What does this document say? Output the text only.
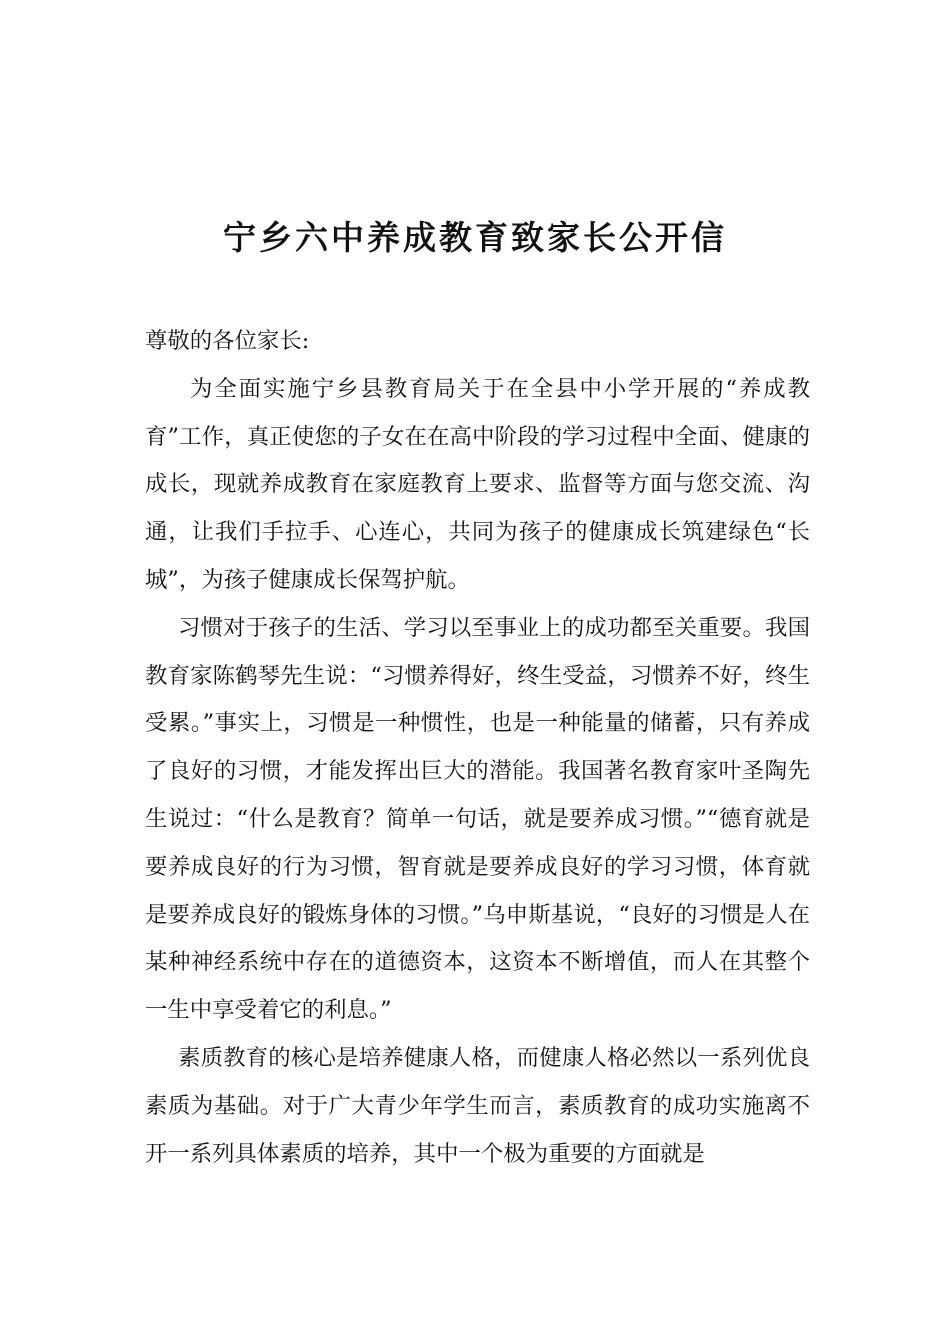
宁乡六中养成教育致家长公开信

尊敬的各位家长:

为全面实施宁乡县教育局关于在全县中小学开展的“养成教育”工作，真正使您的子女在在高中阶段的学习过程中全面、健康的成长，现就养成教育在家庭教育上要求、监督等方面与您交流、沟通，让我们手拉手、心连心，共同为孩子的健康成长筑建绿色“长城”，为孩子健康成长保驾护航。

习惯对于孩子的生活、学习以至事业上的成功都至关重要。我国教育家陈鹤琴先生说：“习惯养得好，终生受益，习惯养不好，终生受累。”事实上，习惯是一种惯性，也是一种能量的储蓄，只有养成了良好的习惯，才能发挥出巨大的潜能。我国著名教育家叶圣陶先生说过：“什么是教育？简单一句话，就是要养成习惯。”“德育就是要养成良好的行为习惯，智育就是要养成良好的学习习惯，体育就是要养成良好的锻炼身体的习惯。”乌申斯基说，“良好的习惯是人在某种神经系统中存在的道德资本，这资本不断增值，而人在其整个一生中享受着它的利息。”

素质教育的核心是培养健康人格，而健康人格必然以一系列优良素质为基础。对于广大青少年学生而言，素质教育的成功实施离不开一系列具体素质的培养，其中一个极为重要的方面就是
